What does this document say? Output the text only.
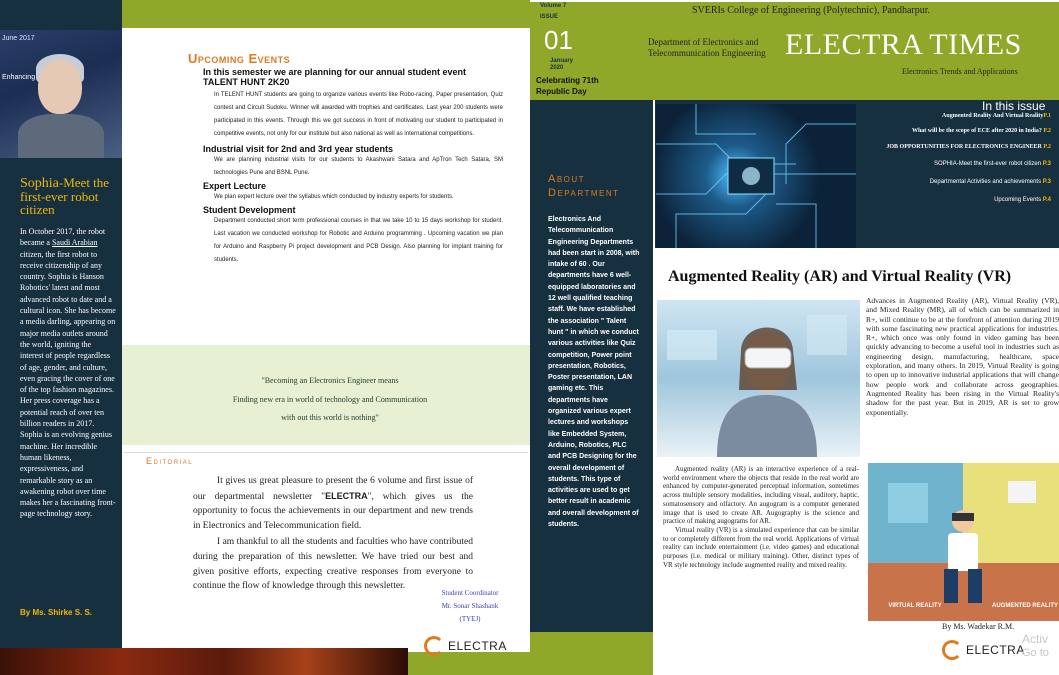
June 2017
Enhancing
Sophia-Meet the first-ever robot citizen
In October 2017, the robot became a Saudi Arabian citizen, the first robot to receive citizenship of any country. Sophia is Hanson Robotics' latest and most advanced robot to date and a cultural icon. She has become a media darling, appearing on major media outlets around the world, igniting the interest of people regardless of age, gender, and culture, even gracing the cover of one of the top fashion magazines. Her press coverage has a potential reach of over ten billion readers in 2017. Sophia is an evolving genius machine. Her incredible human likeness, expressiveness, and remarkable story as an awakening robot over time makes her a fascinating front-page technology story.
By Ms. Shirke S. S.
Upcoming Events
In this semester we are planning for our annual student event
TALENT HUNT 2K20
In TELENT HUNT students are going to organize various events like Robo-racing, Paper presentation, Quiz contest and Circuit Sudoku. Winner will awarded with trophies and certificates. Last year 200 students were participated in this events. Through this we got success in front of motivating our student to participated in competitive events, not only for our institute but also national as well as international competitions.
Industrial visit for 2nd and 3rd year students
We are planning industrial visits for our students to Akashwani Satara and ApTron Tech Satara, SM technologies Pune and BSNL Pune.
Expert Lecture
We plan expert lecture over the syllabus which conducted by industry experts for students.
Student Development
Department conducted short term professional courses in that we take 10 to 15 days workshop for student. Last vacation we conducted workshop for Robotic and Arduino programming . Upcoming vacation we plan for Arduino and Raspberry Pi project development and PCB Design. Also planning for implant training for students.
"Becoming an Electronics Engineer means
Finding new era in world of technology and Communication
with out this world is nothing"
Editorial
It gives us great pleasure to present the 6 volume and first issue of our departmental newsletter "ELECTRA", which gives us the opportunity to focus the achievements in our department and new trends in Electronics and Telecommunication field.
I am thankful to all the students and faculties who have contributed during the preparation of this newsletter. We have tried our best and given positive efforts, expecting creative responses from everyone to continue the flow of knowledge through this newsletter.
Student Coordinator
Mr. Sonar Shashank
(TYEJ)
ELECTRA
Volume 7
ISSUE
01
January
2020
Celebrating 71th Republic Day
SVERIs College of Engineering (Polytechnic), Pandharpur.
Department of Electronics and
Telecommunication Engineering ELECTRA TIMES
Electronics Trends and Applications
About
Department
Electronics And Telecommunication Engineering Departments had been start in 2008, with intake of 60 . Our departments have 6 well-equipped laboratories and 12 well qualified teaching staff. We have established the association " Talent hunt " in which we conduct various activities like Quiz competition, Power point presentation, Robotics, Poster presentation, LAN gaming etc. This departments have organized various expert lectures and workshops like Embedded System, Arduino, Robotics, PLC and PCB Designing for the overall development of students. This type of activities are used to get better result in academic and overall development of students.
In this issue
Augmented Reality And Virtual RealityP.1
What will be the scope of ECE after 2020 in India? P.2
JOB OPPORTUNITIES FOR ELECTRONICS ENGINEER P.2
SOPHIA-Meet the first-ever robot citizen P.3
Departmental Activities and achievements P.3
Upcoming Events P.4
Augmented Reality (AR) and Virtual Reality (VR)
Advances in Augmented Reality (AR), Virtual Reality (VR), and Mixed Reality (MR), all of which can be summarized in R+, will continue to be at the forefront of attention during 2019 with some fascinating new practical applications for industries. R+, which once was only found in video gaming has been quickly advancing to become a useful tool in industries such as engineering design, manufacturing, healthcare, space exploration, and many others. In 2019, Virtual Reality is going to open up to innovative industrial applications that will change how people work and collaborate across geographies. Augmented Reality has been rising in the Virtual Reality's shadow for the past year. But in 2019, AR is set to grow exponentially.
Augmented reality (AR) is an interactive experience of a real-world environment where the objects that reside in the real world are enhanced by computer-generated perceptual information, sometimes across multiple sensory modalities, including visual, auditory, haptic, somatosensory and olfactory. An augogram is a computer generated image that is used to create AR. Augography is the science and practice of making augograms for AR.
Virtual reality (VR) is a simulated experience that can be similar to or completely different from the real world. Applications of virtual reality can include entertainment (i.e. video games) and educational purposes (i.e. medical or military training). Other, distinct types of VR style technology include augmented reality and mixed reality.
VIRTUAL REALITY	AUGMENTED REALITY
By Ms. Wadekar R.M.
ELECTRA
Activ
Go to
